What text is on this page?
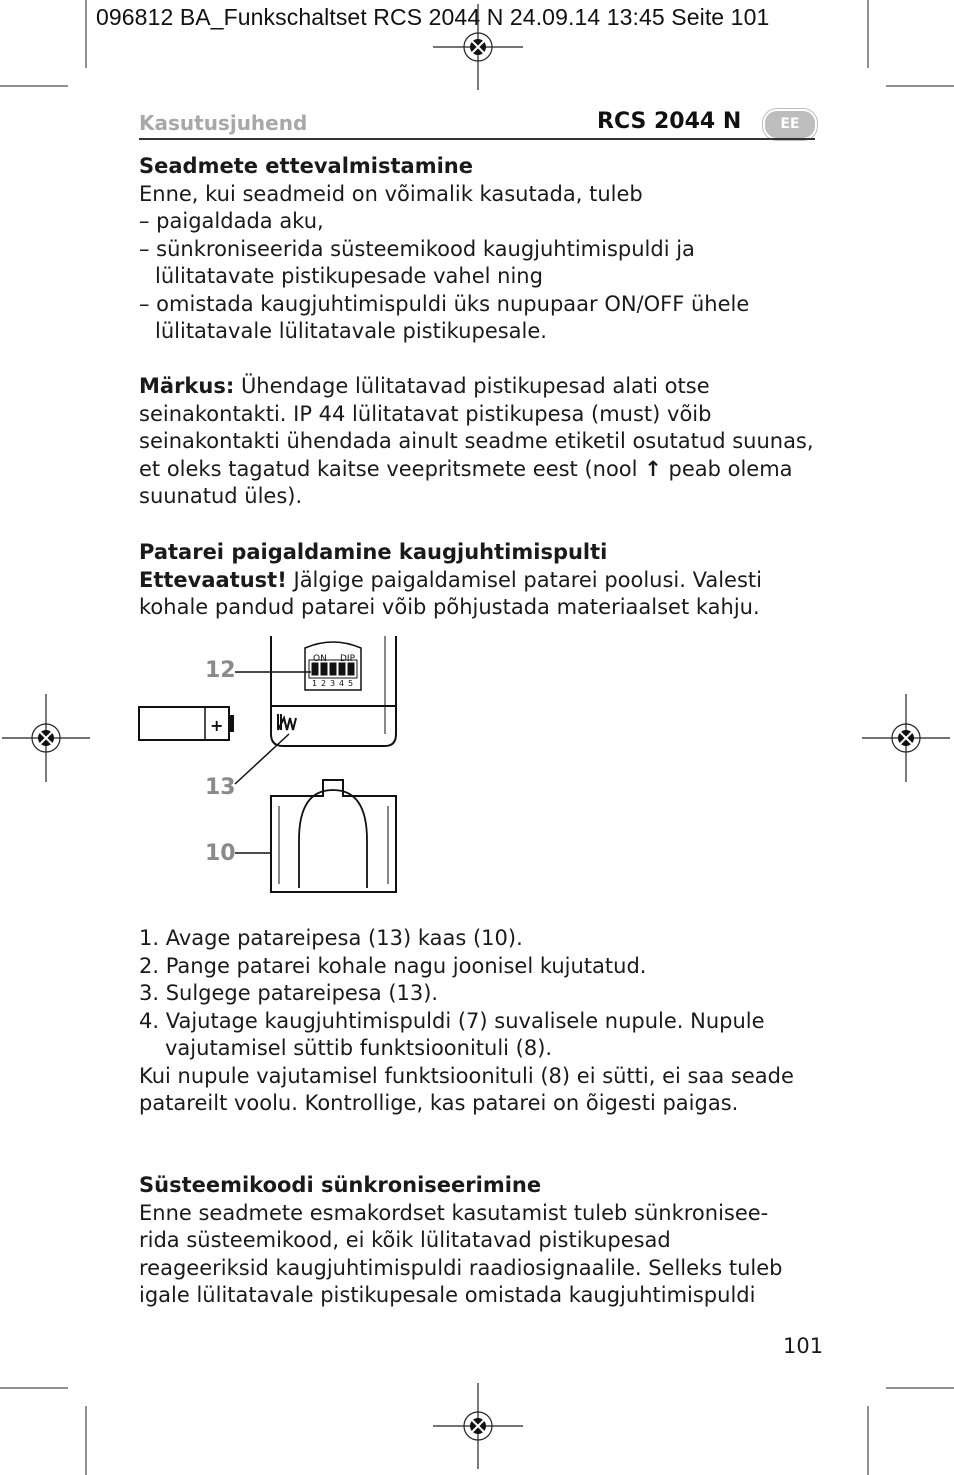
096812 BA_Funkschaltset RCS 2044 N 24.09.14 13:45 Seite 101
Kasutusjuhend	RCS 2044 N	EE

Seadmete ettevalmistamine

Enne, kui seadmeid on võimalik kasutada, tuleb

– paigaldada aku,

– sünkroniseerida süsteemikood kaugjuhtimispuldi ja lülitatavate pistikupesade vahel ning

– omistada kaugjuhtimispuldi üks nupupaar ON/OFF ühele lülitatavale lülitatavale pistikupesale.

Märkus: Ühendage lülitatavad pistikupesad alati otse seinakontakti. IP 44 lülitatavat pistikupesa (must) võib seinakontakti ühendada ainult seadme etiketil osutatud suunas, et oleks tagatud kaitse veepritsmete eest (nool ↑ peab olema suunatud üles).

Patarei paigaldamine kaugjuhtimispulti

Ettevaatust! Jälgige paigaldamisel patarei poolusi. Valesti kohale pandud patarei võib põhjustada materiaalset kahju.

12
13
10
ON DIP
1 2 3 4 5
+

1. Avage patareipesa (13) kaas (10).

2. Pange patarei kohale nagu joonisel kujutatud.

3. Sulgege patareipesa (13).

4. Vajutage kaugjuhtimispuldi (7) suvalisele nupule. Nupule vajutamisel süttib funktsioonituli (8).

Kui nupule vajutamisel funktsioonituli (8) ei sütti, ei saa seade patareilt voolu. Kontrollige, kas patarei on õigesti paigas.

Süsteemikoodi sünkroniseerimine

Enne seadmete esmakordset kasutamist tuleb sünkronisee-

rida süsteemikood, ei kõik lülitatavad pistikupesad

reageeriksid kaugjuhtimispuldi raadiosignaalile. Selleks tuleb

igale lülitatavale pistikupesale omistada kaugjuhtimispuldi

101
